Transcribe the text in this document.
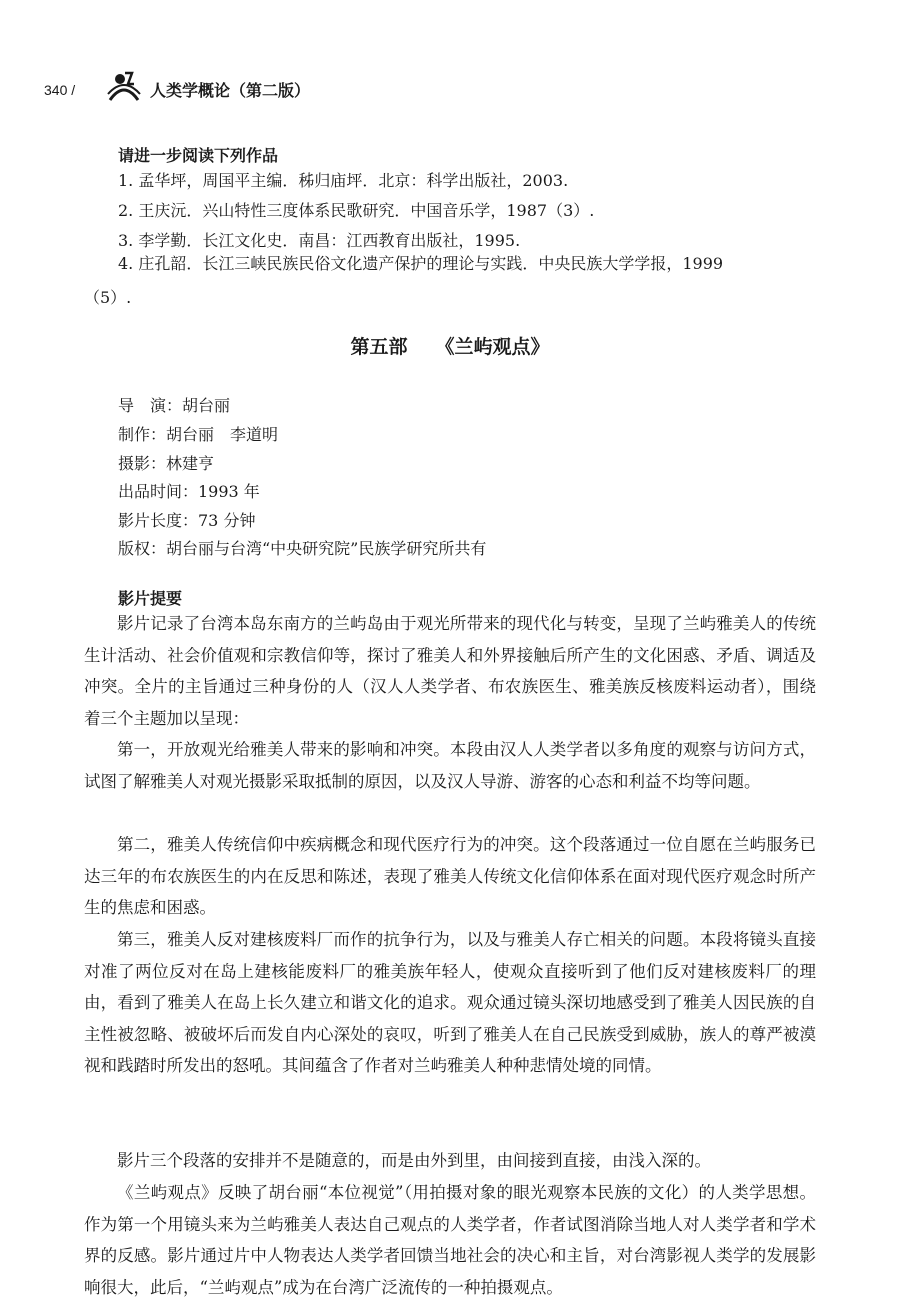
340 /	人类学概论（第二版）
请进一步阅读下列作品
1. 孟华坪，周国平主编．秭归庙坪．北京：科学出版社，2003.
2. 王庆沅．兴山特性三度体系民歌研究．中国音乐学，1987（3）.
3. 李学勤．长江文化史．南昌：江西教育出版社，1995.
4. 庄孔韶．长江三峡民族民俗文化遗产保护的理论与实践．中央民族大学学报，1999
（5）.
第五部 《兰屿观点》
导　演：胡台丽
制作：胡台丽　李道明
摄影：林建亨
出品时间：1993 年
影片长度：73 分钟
版权：胡台丽与台湾“中央研究院”民族学研究所共有
影片提要

影片记录了台湾本岛东南方的兰屿岛由于观光所带来的现代化与转变，呈现了兰屿雅美人的传统生计活动、社会价值观和宗教信仰等，探讨了雅美人和外界接触后所产生的文化困惑、矛盾、调适及冲突。全片的主旨通过三种身份的人（汉人人类学者、布农族医生、雅美族反核废料运动者），围绕着三个主题加以呈现：

第一，开放观光给雅美人带来的影响和冲突。本段由汉人人类学者以多角度的观察与访问方式，试图了解雅美人对观光摄影采取抵制的原因，以及汉人导游、游客的心态和利益不均等问题。

第二，雅美人传统信仰中疾病概念和现代医疗行为的冲突。这个段落通过一位自愿在兰屿服务已达三年的布农族医生的内在反思和陈述，表现了雅美人传统文化信仰体系在面对现代医疗观念时所产生的焦虑和困惑。

第三，雅美人反对建核废料厂而作的抗争行为，以及与雅美人存亡相关的问题。本段将镜头直接对准了两位反对在岛上建核能废料厂的雅美族年轻人，使观众直接听到了他们反对建核废料厂的理由，看到了雅美人在岛上长久建立和谐文化的追求。观众通过镜头深切地感受到了雅美人因民族的自主性被忽略、被破坏后而发自内心深处的哀叹，听到了雅美人在自己民族受到威胁，族人的尊严被漠视和践踏时所发出的怒吼。其间蕴含了作者对兰屿雅美人种种悲情处境的同情。

影片三个段落的安排并不是随意的，而是由外到里，由间接到直接，由浅入深的。

《兰屿观点》反映了胡台丽“本位视觉”（用拍摄对象的眼光观察本民族的文化）的人类学思想。作为第一个用镜头来为兰屿雅美人表达自己观点的人类学者，作者试图消除当地人对人类学者和学术界的反感。影片通过片中人物表达人类学者回馈当地社会的决心和主旨，对台湾影视人类学的发展影响很大，此后，“兰屿观点”成为在台湾广泛流传的一种拍摄观点。
